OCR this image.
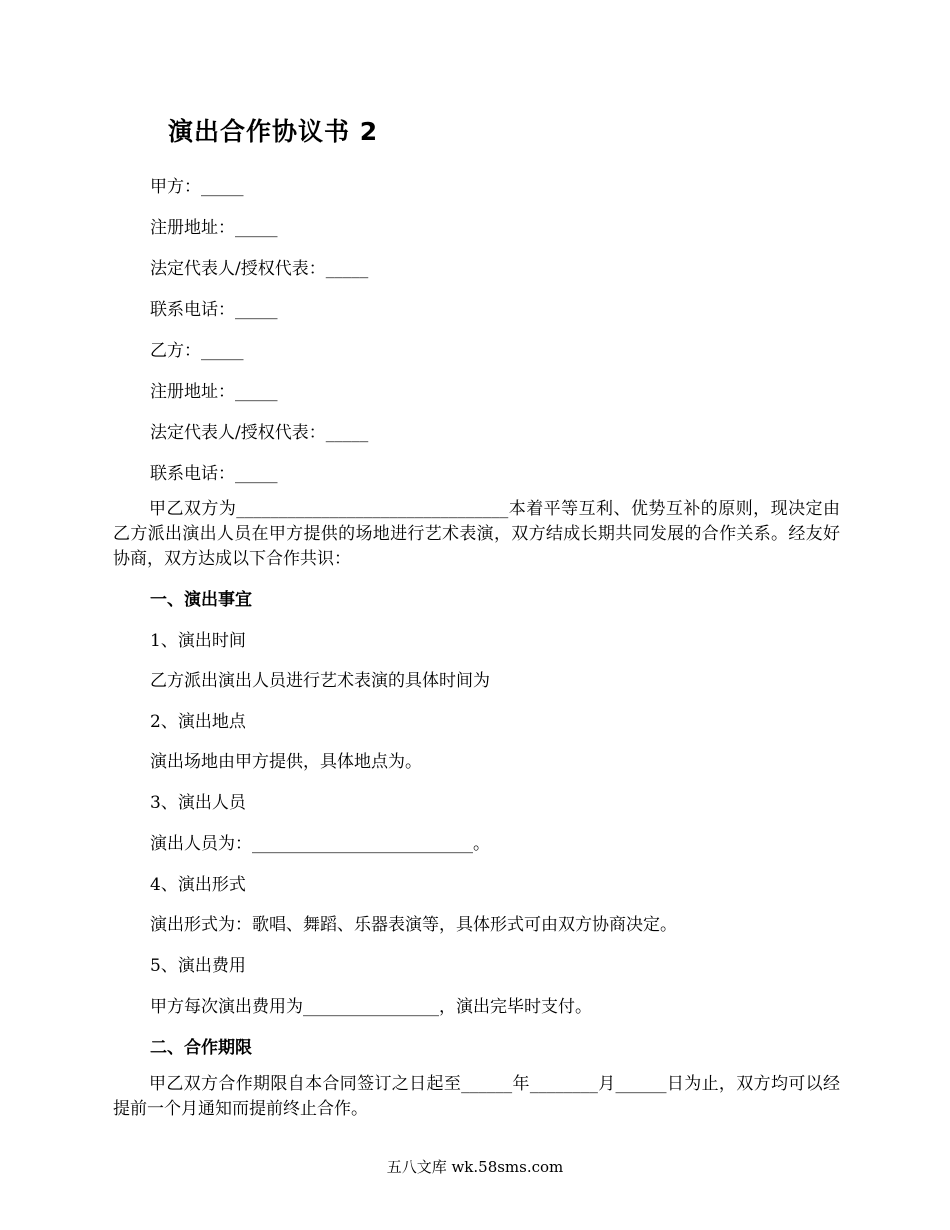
演出合作协议书 2
甲方：_____
注册地址：_____
法定代表人/授权代表：_____
联系电话：_____
乙方：_____
注册地址：_____
法定代表人/授权代表：_____
联系电话：_____
甲乙双方为________________________________本着平等互利、优势互补的原则，现决定由乙方派出演出人员在甲方提供的场地进行艺术表演，双方结成长期共同发展的合作关系。经友好协商，双方达成以下合作共识：
一、演出事宜
1、演出时间
乙方派出演出人员进行艺术表演的具体时间为
2、演出地点
演出场地由甲方提供，具体地点为。
3、演出人员
演出人员为：__________________________。
4、演出形式
演出形式为：歌唱、舞蹈、乐器表演等，具体形式可由双方协商决定。
5、演出费用
甲方每次演出费用为________________，演出完毕时支付。
二、合作期限
甲乙双方合作期限自本合同签订之日起至______年________月______日为止，双方均可以经提前一个月通知而提前终止合作。
五八文库 wk.58sms.com
